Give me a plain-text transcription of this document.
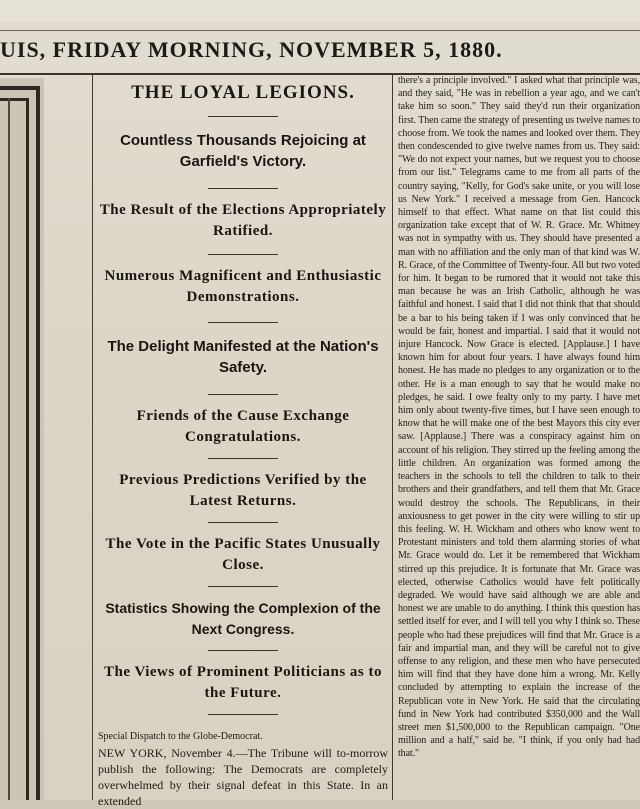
UIS, FRIDAY MORNING, NOVEMBER 5, 1880.
THE LOYAL LEGIONS.
Countless Thousands Rejoicing at Garfield's Victory.
The Result of the Elections Appropriately Ratified.
Numerous Magnificent and Enthusiastic Demonstrations.
The Delight Manifested at the Nation's Safety.
Friends of the Cause Exchange Congratulations.
Previous Predictions Verified by the Latest Returns.
The Vote in the Pacific States Unusually Close.
Statistics Showing the Complexion of the Next Congress.
The Views of Prominent Politicians as to the Future.
Special Dispatch to the Globe-Democrat.
NEW YORK, November 4.—The Tribune will to-morrow publish the following: The Democrats are completely overwhelmed by their signal defeat in this State. In an extended

there's a principle involved." I asked what that principle was, and they said, "He was in rebellion a year ago, and we can't take him so soon." They said they'd run their organization first. Then came the strategy of presenting us twelve names to choose from. We took the names and looked over them. They then condescended to give twelve names from us. They said: "We do not expect your names, but we request you to choose from our list." Telegrams came to me from all parts of the country saying, "Kelly, for God's sake unite, or you will lose us New York." I received a message from Gen. Hancock himself to that effect. What name on that list could this organization take except that of W. R. Grace. Mr. Whitney was not in sympathy with us. They should have presented a man with no affiliation and the only man of that kind was W. R. Grace, of the Committee of Twenty-four. All but two voted for him. It began to be rumored that it would not take this man because he was an Irish Catholic, although he was faithful and honest. I said that I did not think that that should be a bar to his being taken if I was only convinced that he would be fair, honest and impartial. I said that it would not injure Hancock. Now Grace is elected. [Applause.] I have known him for about four years. I have always found him honest. He has made no pledges to any organization or to the other. He is a man enough to say that he would make no pledges, he said. I owe fealty only to my party. I have met him only about twenty-five times, but I have seen enough to know that he will make one of the best Mayors this city ever saw. [Applause.] There was a conspiracy against him on account of his religion. They stirred up the feeling among the little children. An organization was formed among the teachers in the schools to tell the children to talk to their brothers and their grandfathers, and tell them that Mr. Grace would destroy the schools. The Republicans, in their anxiousness to get power in the city were willing to stir up this feeling. W. H. Wickham and others who know went to Protestant ministers and told them alarming stories of what Mr. Grace would do. Let it be remembered that Wickham stirred up this prejudice. It is fortunate that Mr. Grace was elected, otherwise Catholics would have felt politically degraded. We would have said although we are able and honest we are unable to do anything. I think this question has settled itself for ever, and I will tell you why I think so. These people who had these prejudices will find that Mr. Grace is a fair and impartial man, and they will be careful not to give offense to any religion, and these men who have persecuted him will find that they have done him a wrong. Mr. Kelly concluded by attempting to explain the increase of the Republican vote in New York. He said that the circulating fund in New York had contributed $350,000 and the Wall street men $1,500,000 to the Republican campaign. "One million and a half," said he. "I think, if you only had had that."
